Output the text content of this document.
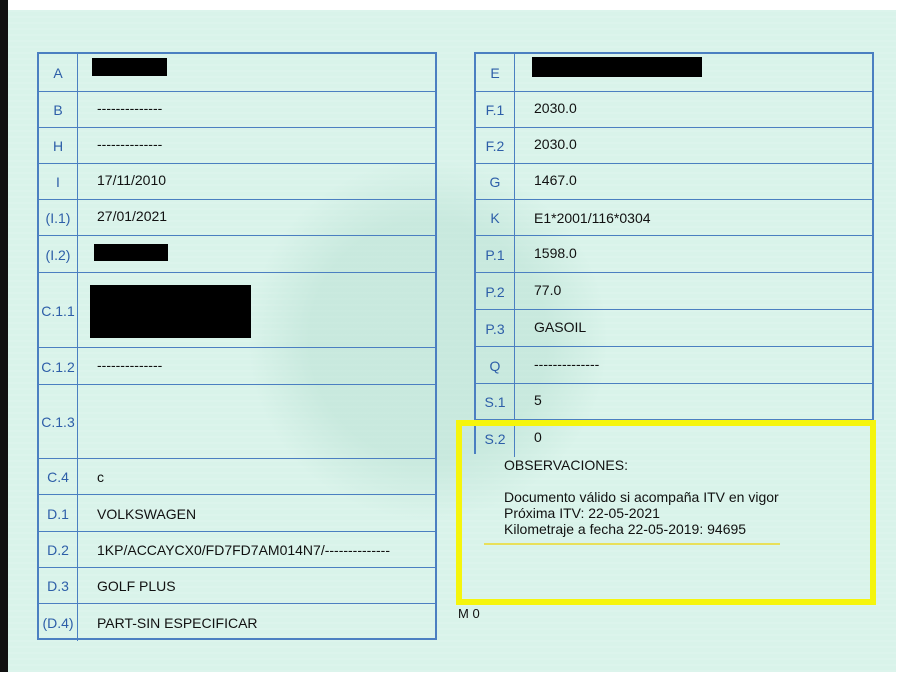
A
B	--------------
H	--------------
I	17/11/2010
(I.1)	27/01/2021
(I.2)
C.1.1
C.1.2 --------------
C.1.3
C.4	c
D.1	VOLKSWAGEN
D.2	1KP/ACCAYCX0/FD7FD7AM014N7/--------------
D.3	GOLF PLUS
(D.4)	PART-SIN ESPECIFICAR
E
F.1	2030.0
F.2	2030.0
G	1467.0
K	E1*2001/116*0304
P.1	1598.0
P.2	77.0
P.3	GASOIL
Q	--------------
S.1	5
S.2	0
OBSERVACIONES:
Documento válido si acompaña ITV en vigor
Próxima ITV: 22-05-2021
Kilometraje a fecha 22-05-2019: 94695
M 0
